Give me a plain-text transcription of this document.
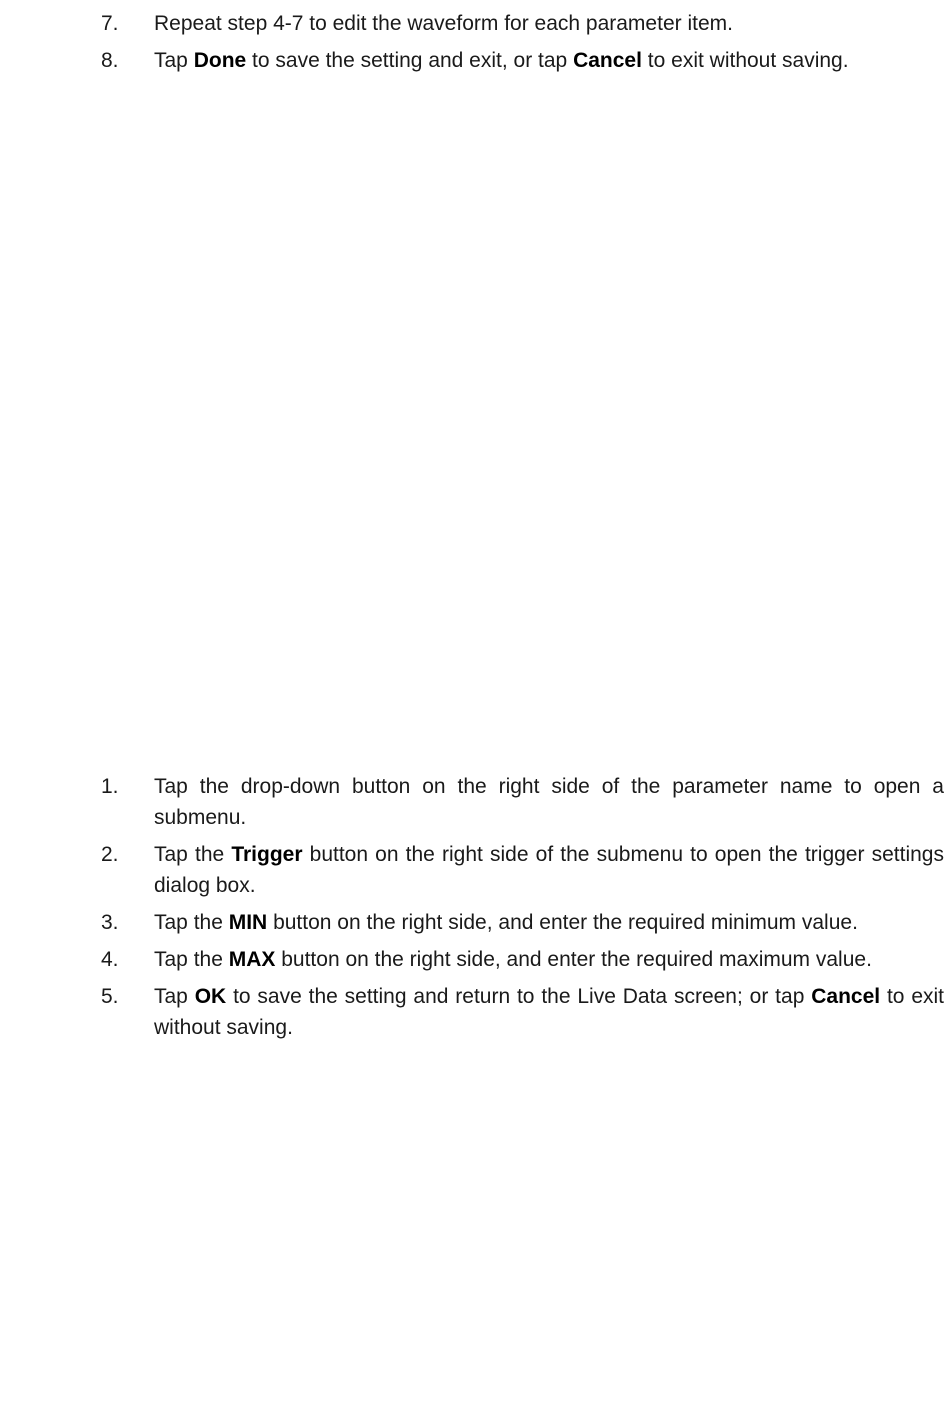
7. Repeat step 4-7 to edit the waveform for each parameter item.
8. Tap Done to save the setting and exit, or tap Cancel to exit without saving.
1. Tap the drop-down button on the right side of the parameter name to open a submenu.
2. Tap the Trigger button on the right side of the submenu to open the trigger settings dialog box.
3. Tap the MIN button on the right side, and enter the required minimum value.
4. Tap the MAX button on the right side, and enter the required maximum value.
5. Tap OK to save the setting and return to the Live Data screen; or tap Cancel to exit without saving.
